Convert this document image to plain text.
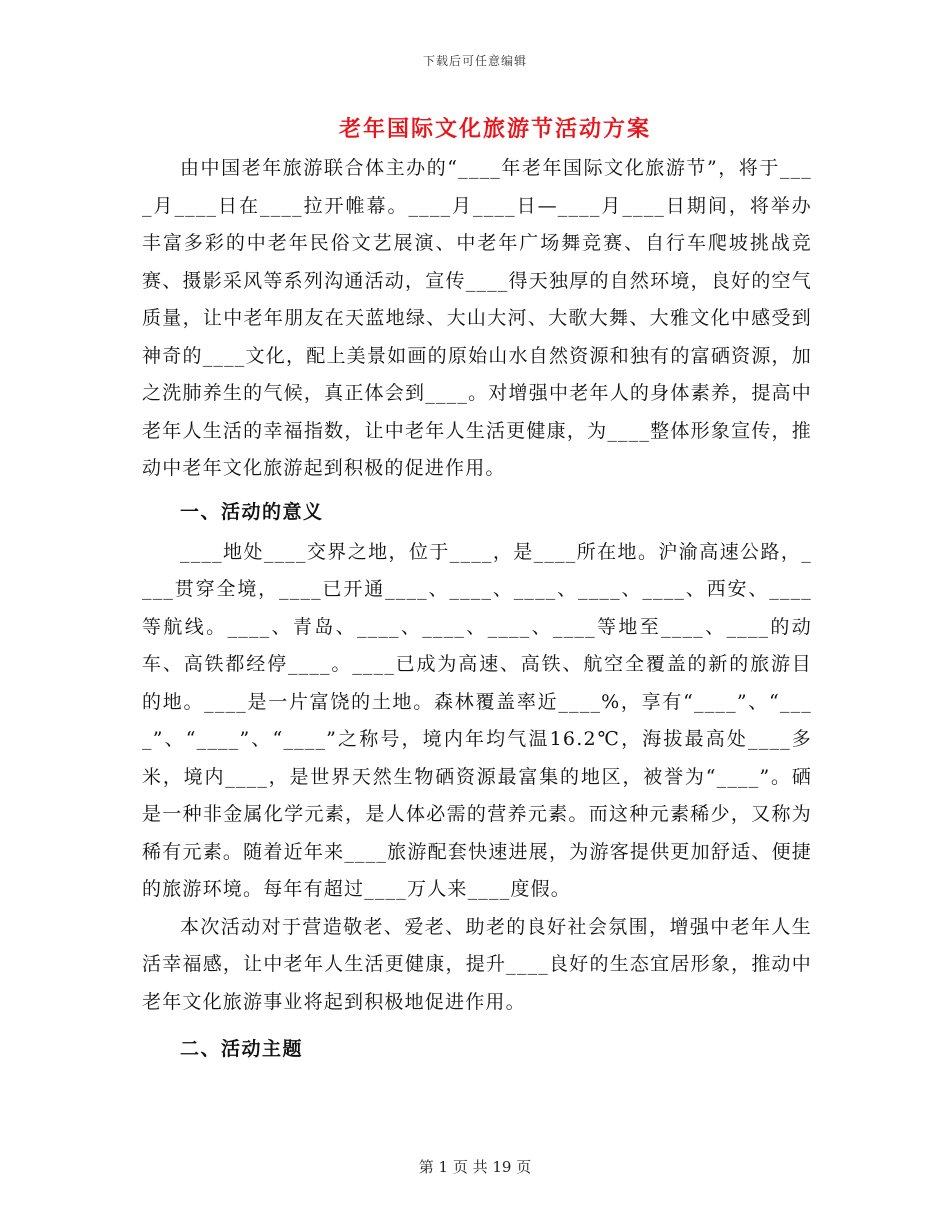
下载后可任意编辑
老年国际文化旅游节活动方案

由中国老年旅游联合体主办的“____年老年国际文化旅游节”，将于____月____日在____拉开帷幕。____月____日—____月____日期间，将举办丰富多彩的中老年民俗文艺展演、中老年广场舞竞赛、自行车爬坡挑战竞赛、摄影采风等系列沟通活动，宣传____得天独厚的自然环境，良好的空气质量，让中老年朋友在天蓝地绿、大山大河、大歌大舞、大雅文化中感受到神奇的____文化，配上美景如画的原始山水自然资源和独有的富硒资源，加之洗肺养生的气候，真正体会到____。对增强中老年人的身体素养，提高中老年人生活的幸福指数，让中老年人生活更健康，为____整体形象宣传，推动中老年文化旅游起到积极的促进作用。

一、活动的意义

____地处____交界之地，位于____，是____所在地。沪渝高速公路，____贯穿全境，____已开通____、____、____、____、____、西安、____等航线。____、青岛、____、____、____、____等地至____、____的动车、高铁都经停____。____已成为高速、高铁、航空全覆盖的新的旅游目的地。____是一片富饶的土地。森林覆盖率近____%，享有“____”、“____”、“____”、“____”之称号，境内年均气温16.2℃，海拔最高处____多米，境内____，是世界天然生物硒资源最富集的地区，被誉为“____”。硒是一种非金属化学元素，是人体必需的营养元素。而这种元素稀少，又称为稀有元素。随着近年来____旅游配套快速进展，为游客提供更加舒适、便捷的旅游环境。每年有超过____万人来____度假。

本次活动对于营造敬老、爱老、助老的良好社会氛围，增强中老年人生活幸福感，让中老年人生活更健康，提升____良好的生态宜居形象，推动中老年文化旅游事业将起到积极地促进作用。

二、活动主题
第 1 页 共 19 页
